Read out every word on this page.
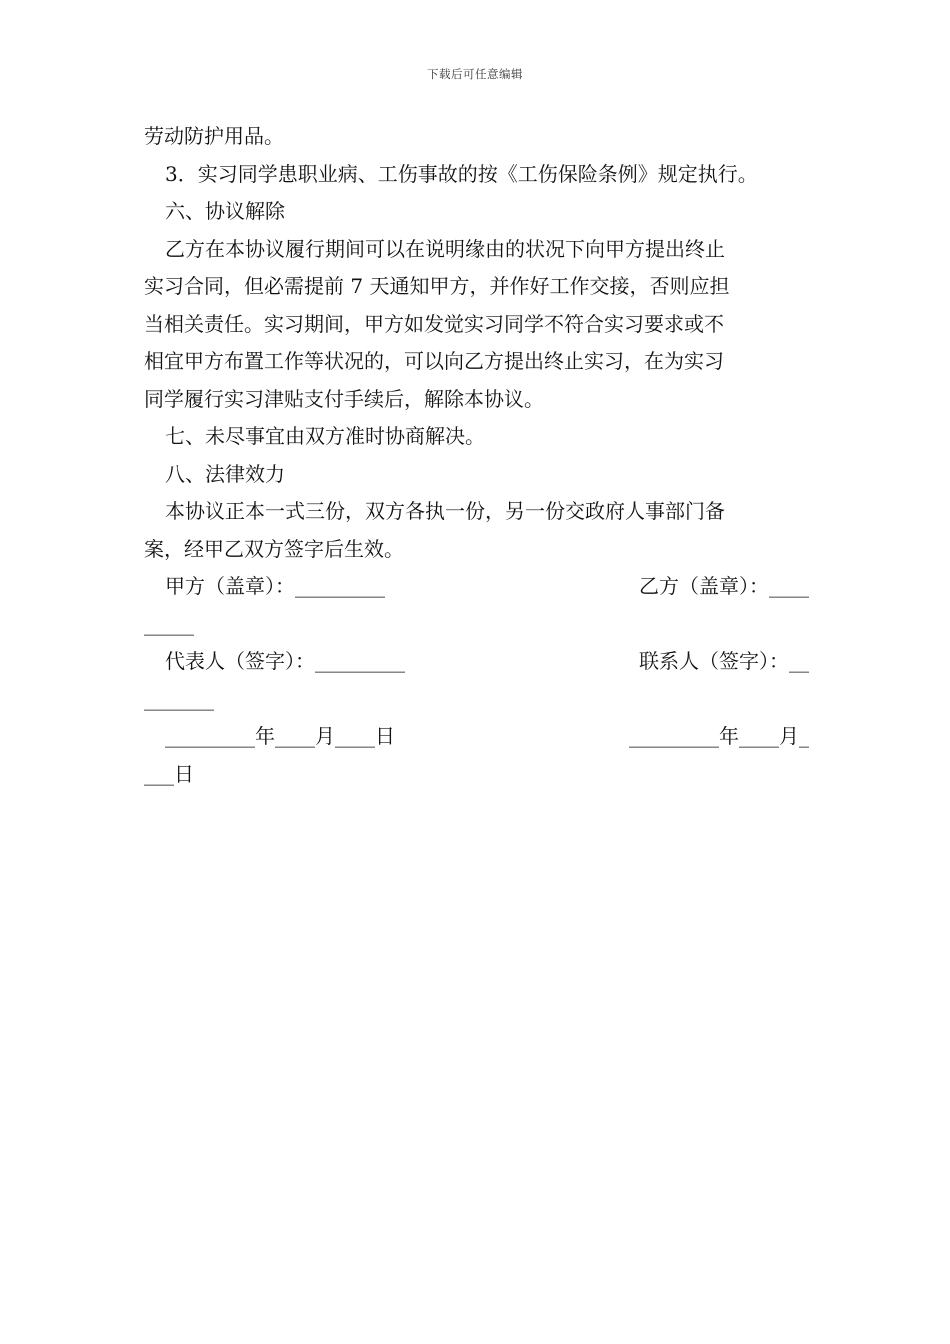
下载后可任意编辑
劳动防护用品。
3．实习同学患职业病、工伤事故的按《工伤保险条例》规定执行。
六、协议解除
乙方在本协议履行期间可以在说明缘由的状况下向甲方提出终止
实习合同，但必需提前 7 天通知甲方，并作好工作交接，否则应担
当相关责任。实习期间，甲方如发觉实习同学不符合实习要求或不
相宜甲方布置工作等状况的，可以向乙方提出终止实习，在为实习
同学履行实习津贴支付手续后，解除本协议。
七、未尽事宜由双方准时协商解决。
八、法律效力
本协议正本一式三份，双方各执一份，另一份交政府人事部门备
案，经甲乙双方签字后生效。
甲方（盖章）：_________	乙方（盖章）：____
_____
代表人（签字）：_________	联系人（签字）：__
_______
_________年____月____日	_________年____月_
___日
